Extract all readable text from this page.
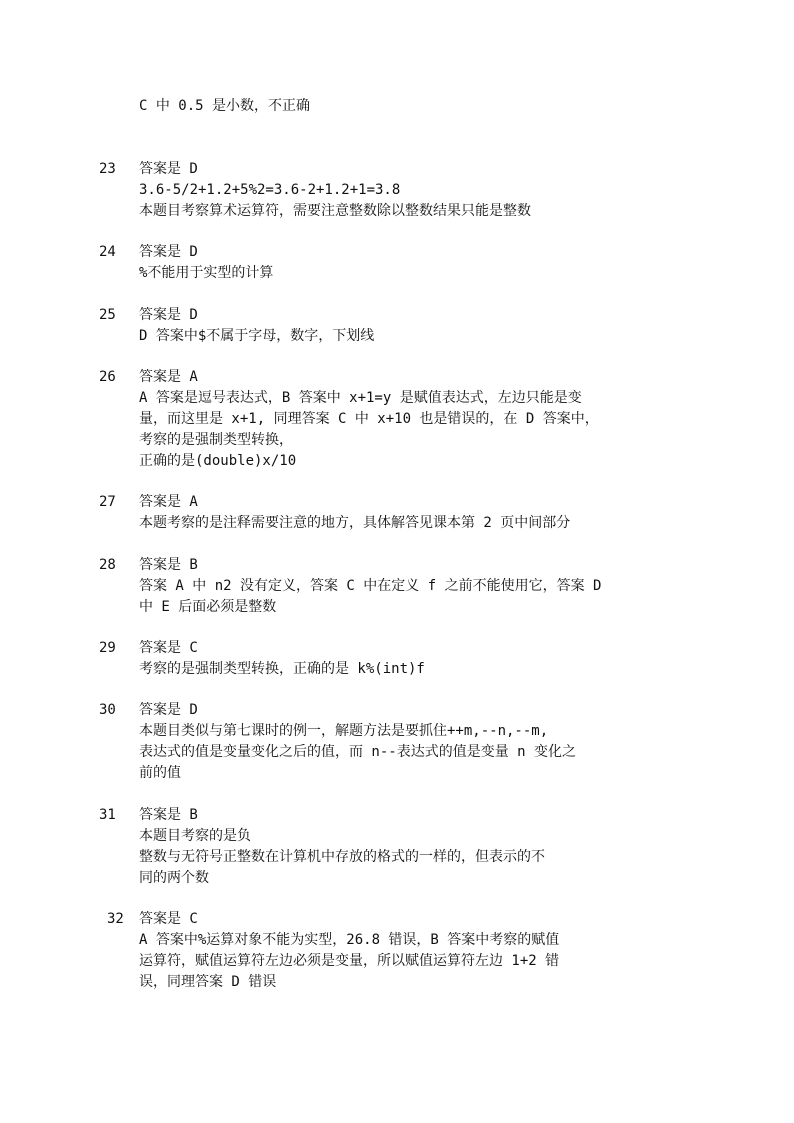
C 中 0.5 是小数，不正确
23 答案是 D
3.6-5/2+1.2+5%2=3.6-2+1.2+1=3.8
本题目考察算术运算符，需要注意整数除以整数结果只能是整数
24 答案是 D
%不能用于实型的计算
25 答案是 D
D 答案中$不属于字母，数字，下划线
26 答案是 A
A 答案是逗号表达式，B 答案中 x+1=y 是赋值表达式，左边只能是变
量，而这里是 x+1, 同理答案 C 中 x+10 也是错误的，在 D 答案中，
考察的是强制类型转换，
正确的是(double)x/10
27 答案是 A
本题考察的是注释需要注意的地方，具体解答见课本第 2 页中间部分
28 答案是 B
答案 A 中 n2 没有定义，答案 C 中在定义 f 之前不能使用它，答案 D
中 E 后面必须是整数
29 答案是 C
考察的是强制类型转换，正确的是 k%(int)f
30 答案是 D
本题目类似与第七课时的例一，解题方法是要抓住++m,--n,--m,
表达式的值是变量变化之后的值，而 n--表达式的值是变量 n 变化之
前的值
31 答案是 B
本题目考察的是负
整数与无符号正整数在计算机中存放的格式的一样的，但表示的不
同的两个数
32 答案是 C
A 答案中%运算对象不能为实型，26.8 错误，B 答案中考察的赋值
运算符，赋值运算符左边必须是变量，所以赋值运算符左边 1+2 错
误，同理答案 D 错误
